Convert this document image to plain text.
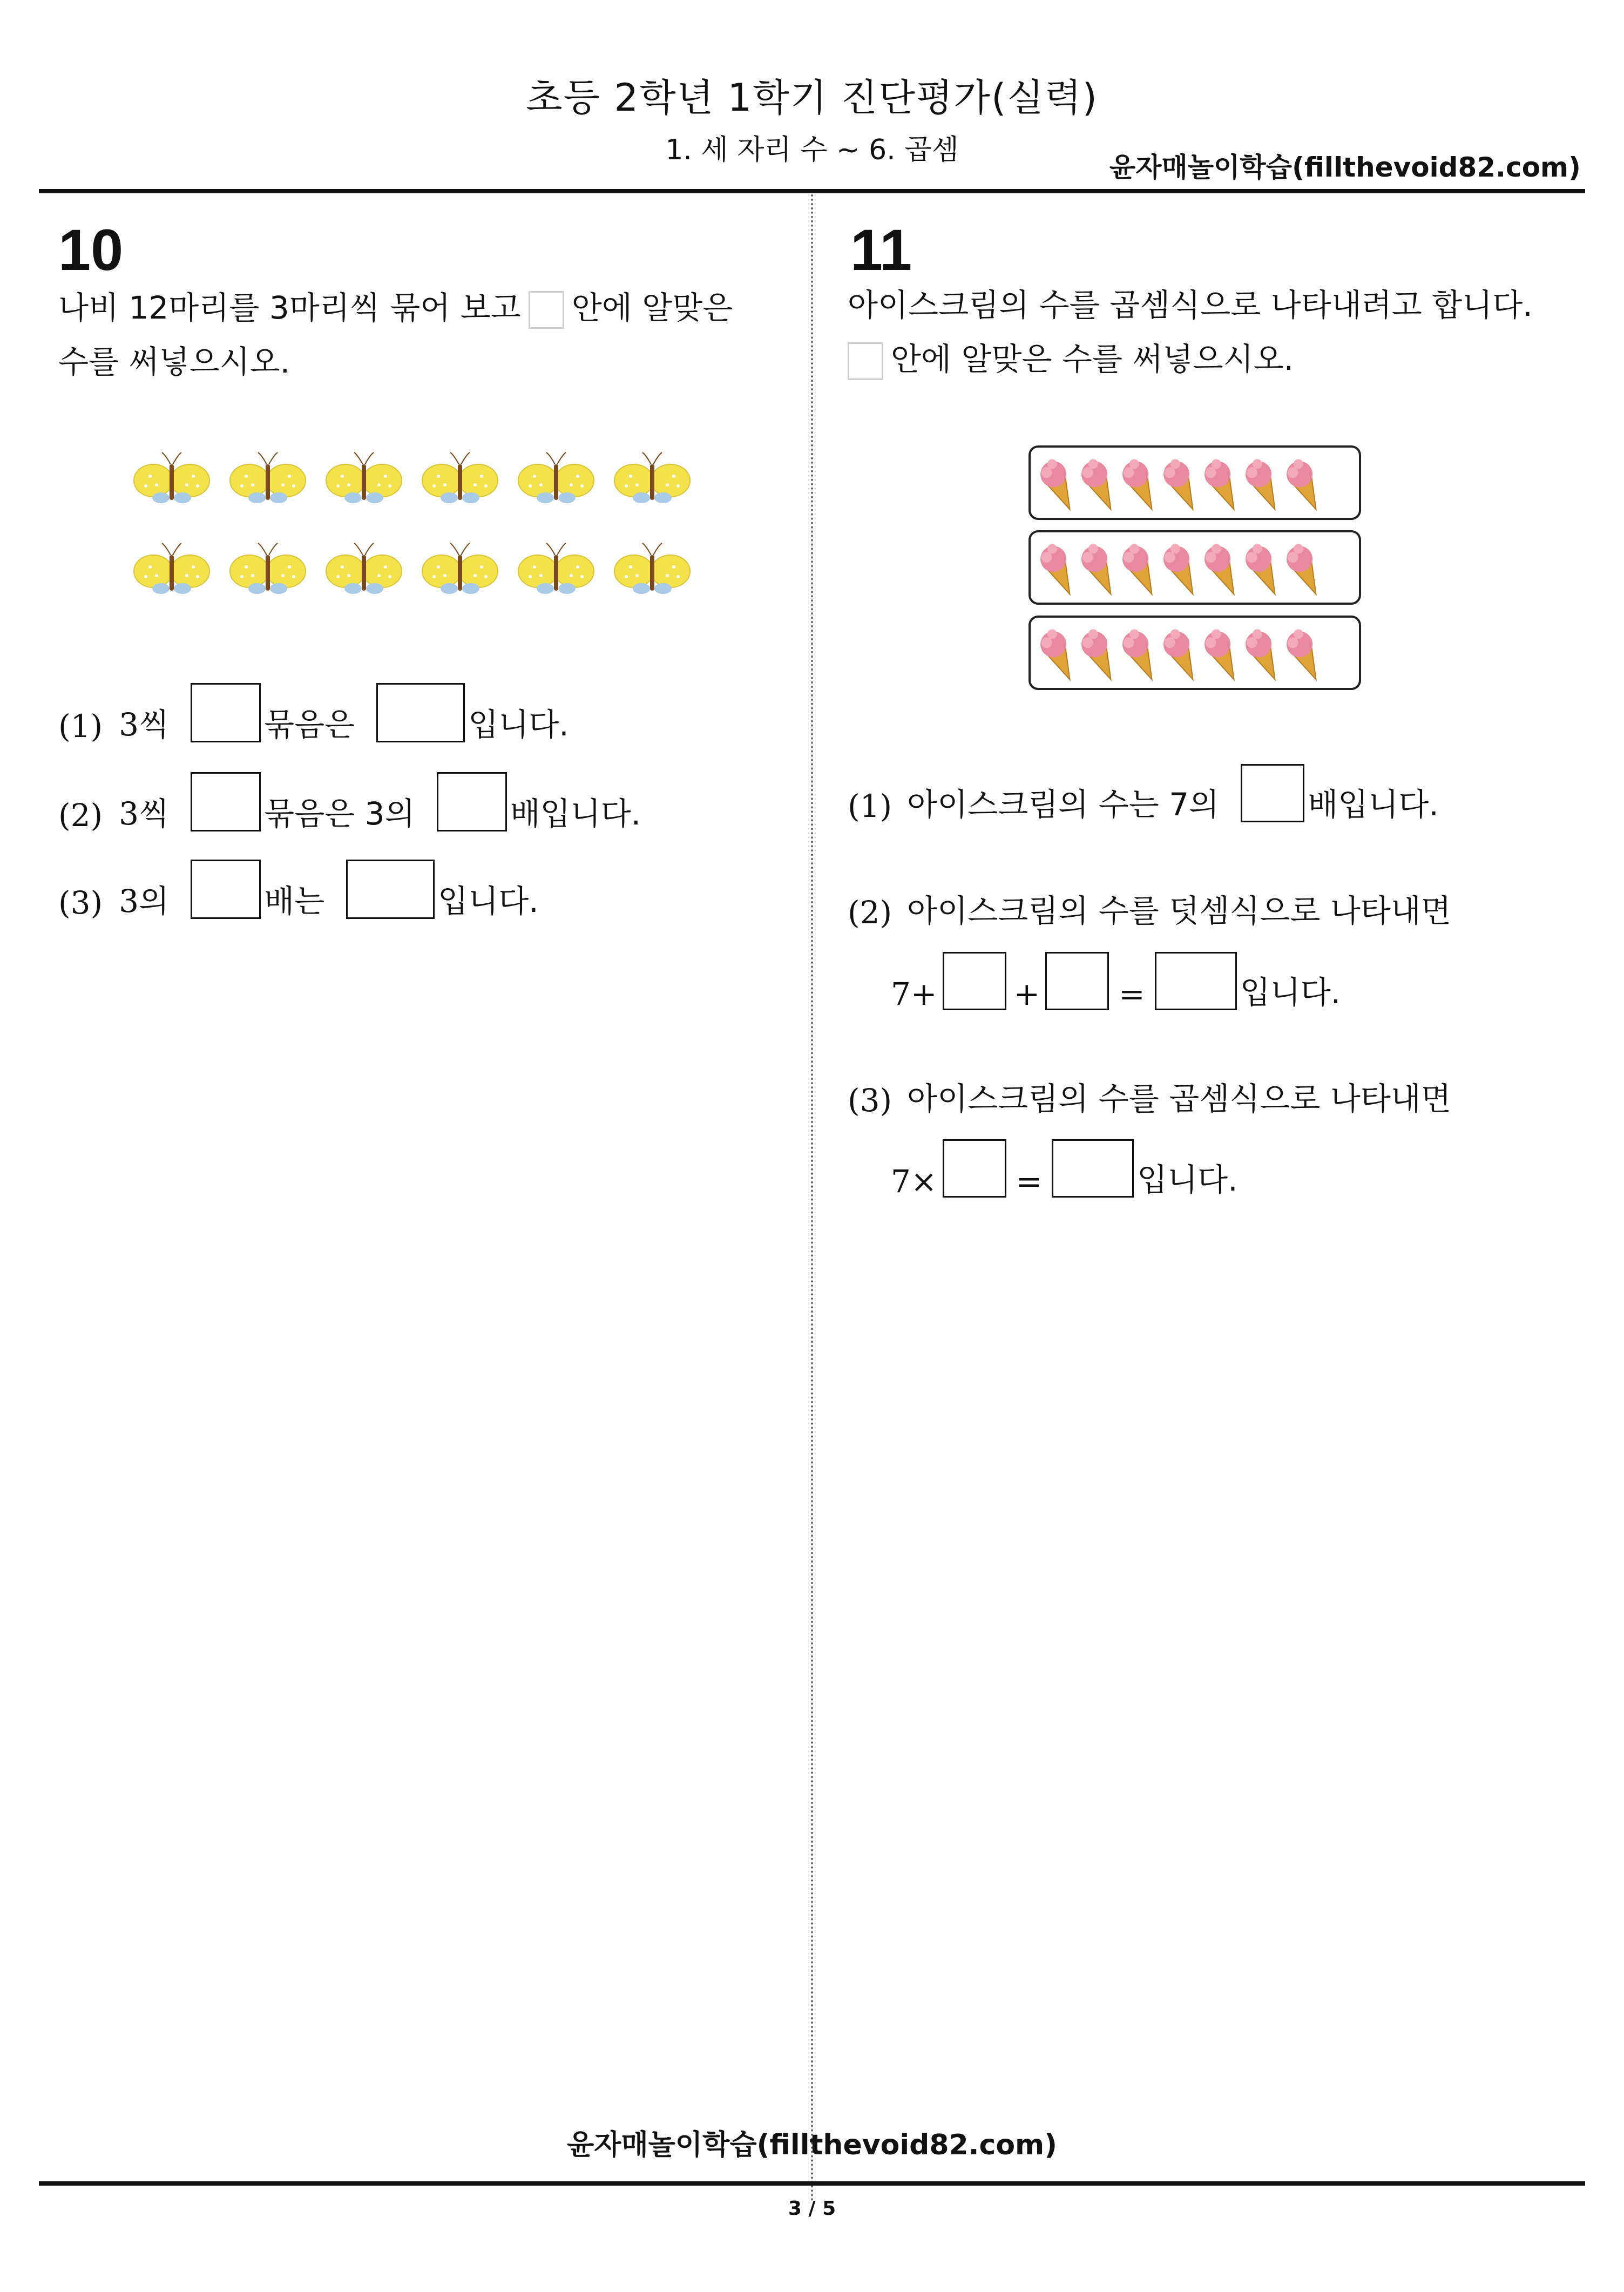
초등 2학년 1학기 진단평가(실력)
1. 세 자리 수 ~ 6. 곱셈
윤자매놀이학습(fillthevoid82.com)
10
나비 12마리를 3마리씩 묶어 보고 안에 알맞은
수를 써넣으시오.
(1) 3씩	묶음은	입니다.
(2) 3씩	묶음은 3의	배입니다.
(3) 3의	배는	입니다.
11
아이스크림의 수를 곱셈식으로 나타내려고 합니다.
안에 알맞은 수를 써넣으시오.
(1) 아이스크림의 수는 7의	배입니다.
(2) 아이스크림의 수를 덧셈식으로 나타내면
7+ +	=	입니다.
(3) 아이스크림의 수를 곱셈식으로 나타내면
7×	=	입니다.
윤자매놀이학습(fillthevoid82.com)
3 / 5
